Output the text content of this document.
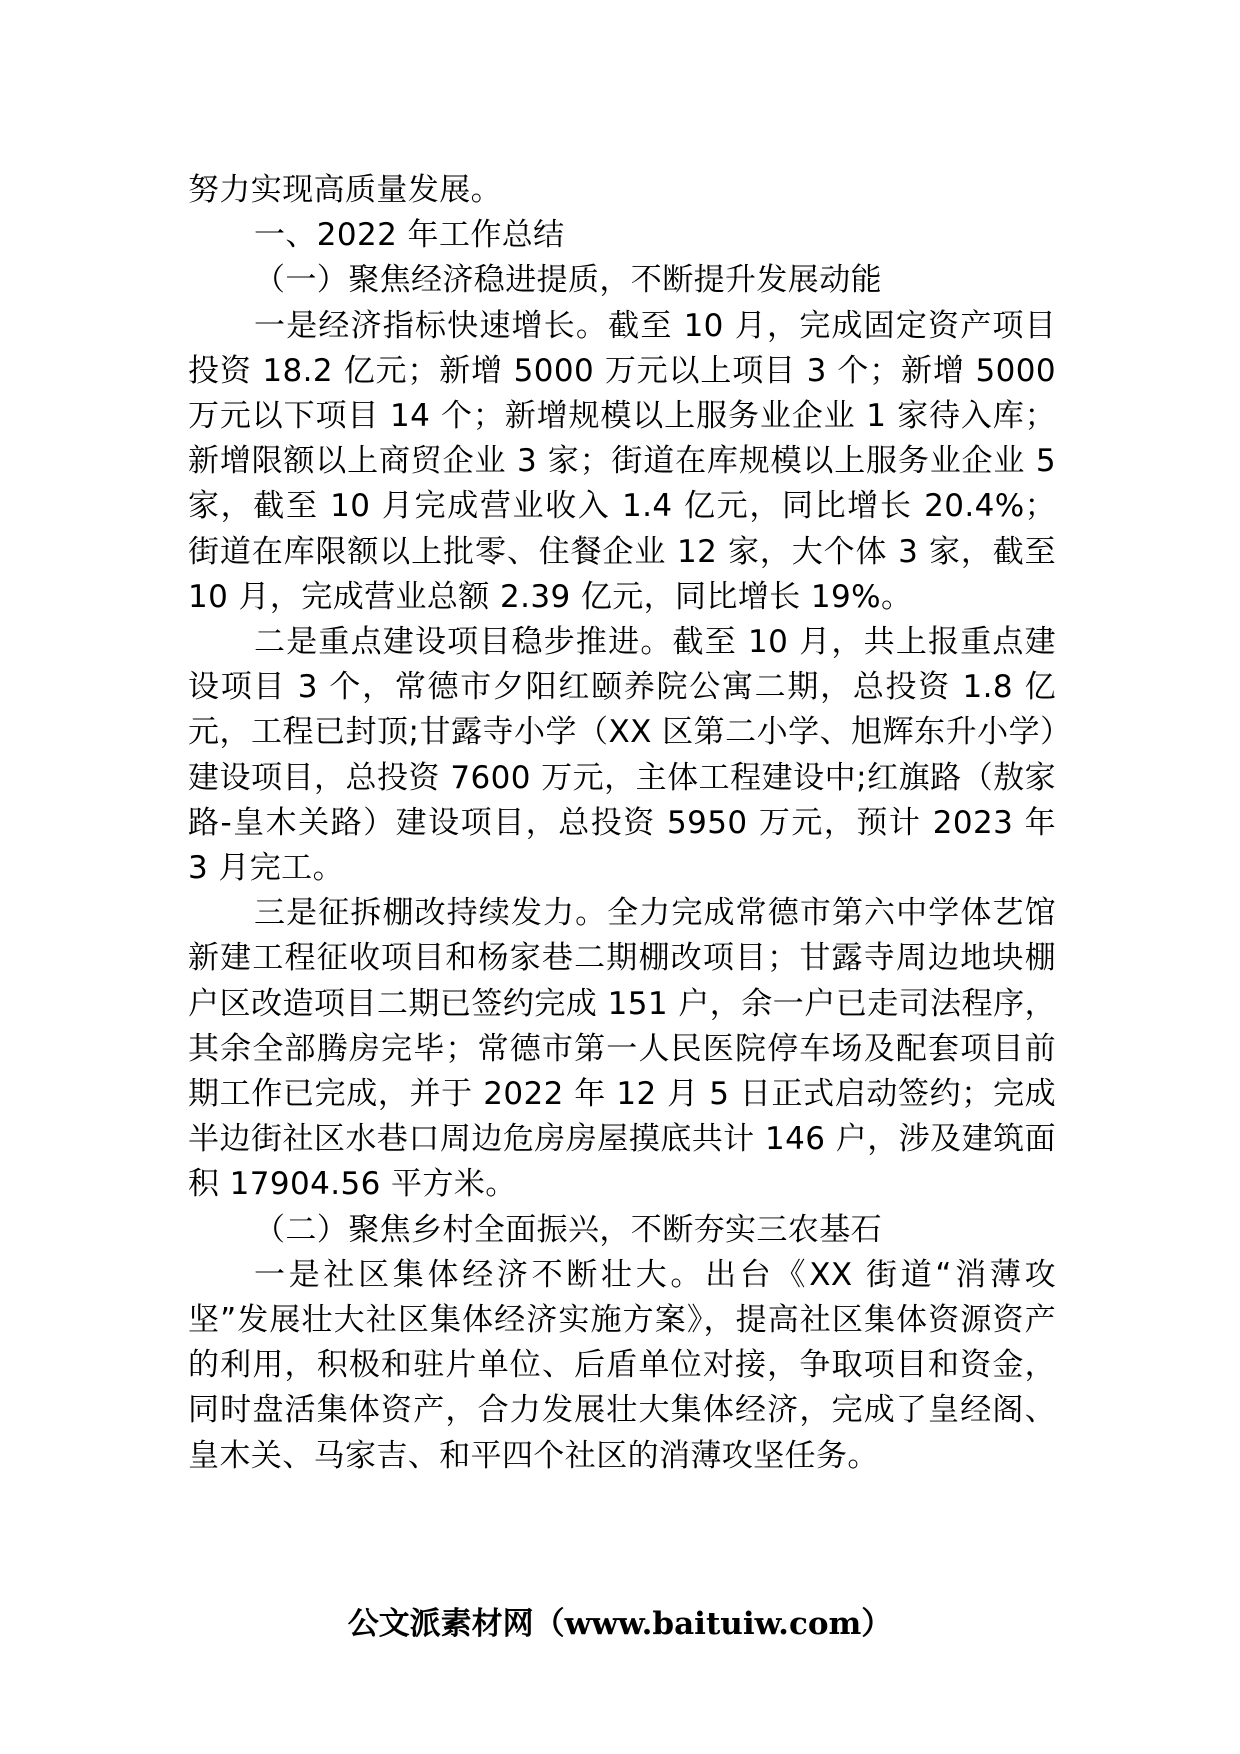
努力实现高质量发展。

一、2022 年工作总结

（一）聚焦经济稳进提质，不断提升发展动能

一是经济指标快速增长。截至 10 月，完成固定资产项目投资 18.2 亿元；新增 5000 万元以上项目 3 个；新增 5000 万元以下项目 14 个；新增规模以上服务业企业 1 家待入库；新增限额以上商贸企业 3 家；街道在库规模以上服务业企业 5 家，截至 10 月完成营业收入 1.4 亿元，同比增长 20.4%；街道在库限额以上批零、住餐企业 12 家，大个体 3 家，截至 10 月，完成营业总额 2.39 亿元，同比增长 19%。

二是重点建设项目稳步推进。截至 10 月，共上报重点建设项目 3 个，常德市夕阳红颐养院公寓二期，总投资 1.8 亿元，工程已封顶;甘露寺小学（XX 区第二小学、旭辉东升小学）建设项目，总投资 7600 万元，主体工程建设中;红旗路（敖家路-皇木关路）建设项目，总投资 5950 万元，预计 2023 年 3 月完工。

三是征拆棚改持续发力。全力完成常德市第六中学体艺馆新建工程征收项目和杨家巷二期棚改项目；甘露寺周边地块棚户区改造项目二期已签约完成 151 户，余一户已走司法程序，其余全部腾房完毕；常德市第一人民医院停车场及配套项目前期工作已完成，并于 2022 年 12 月 5 日正式启动签约；完成半边街社区水巷口周边危房房屋摸底共计 146 户，涉及建筑面积 17904.56 平方米。

（二）聚焦乡村全面振兴，不断夯实三农基石

一是社区集体经济不断壮大。出台《XX 街道“消薄攻坚”发展壮大社区集体经济实施方案》，提高社区集体资源资产的利用，积极和驻片单位、后盾单位对接，争取项目和资金，同时盘活集体资产，合力发展壮大集体经济，完成了皇经阁、皇木关、马家吉、和平四个社区的消薄攻坚任务。

公文派素材网（www.baituiw.com）
